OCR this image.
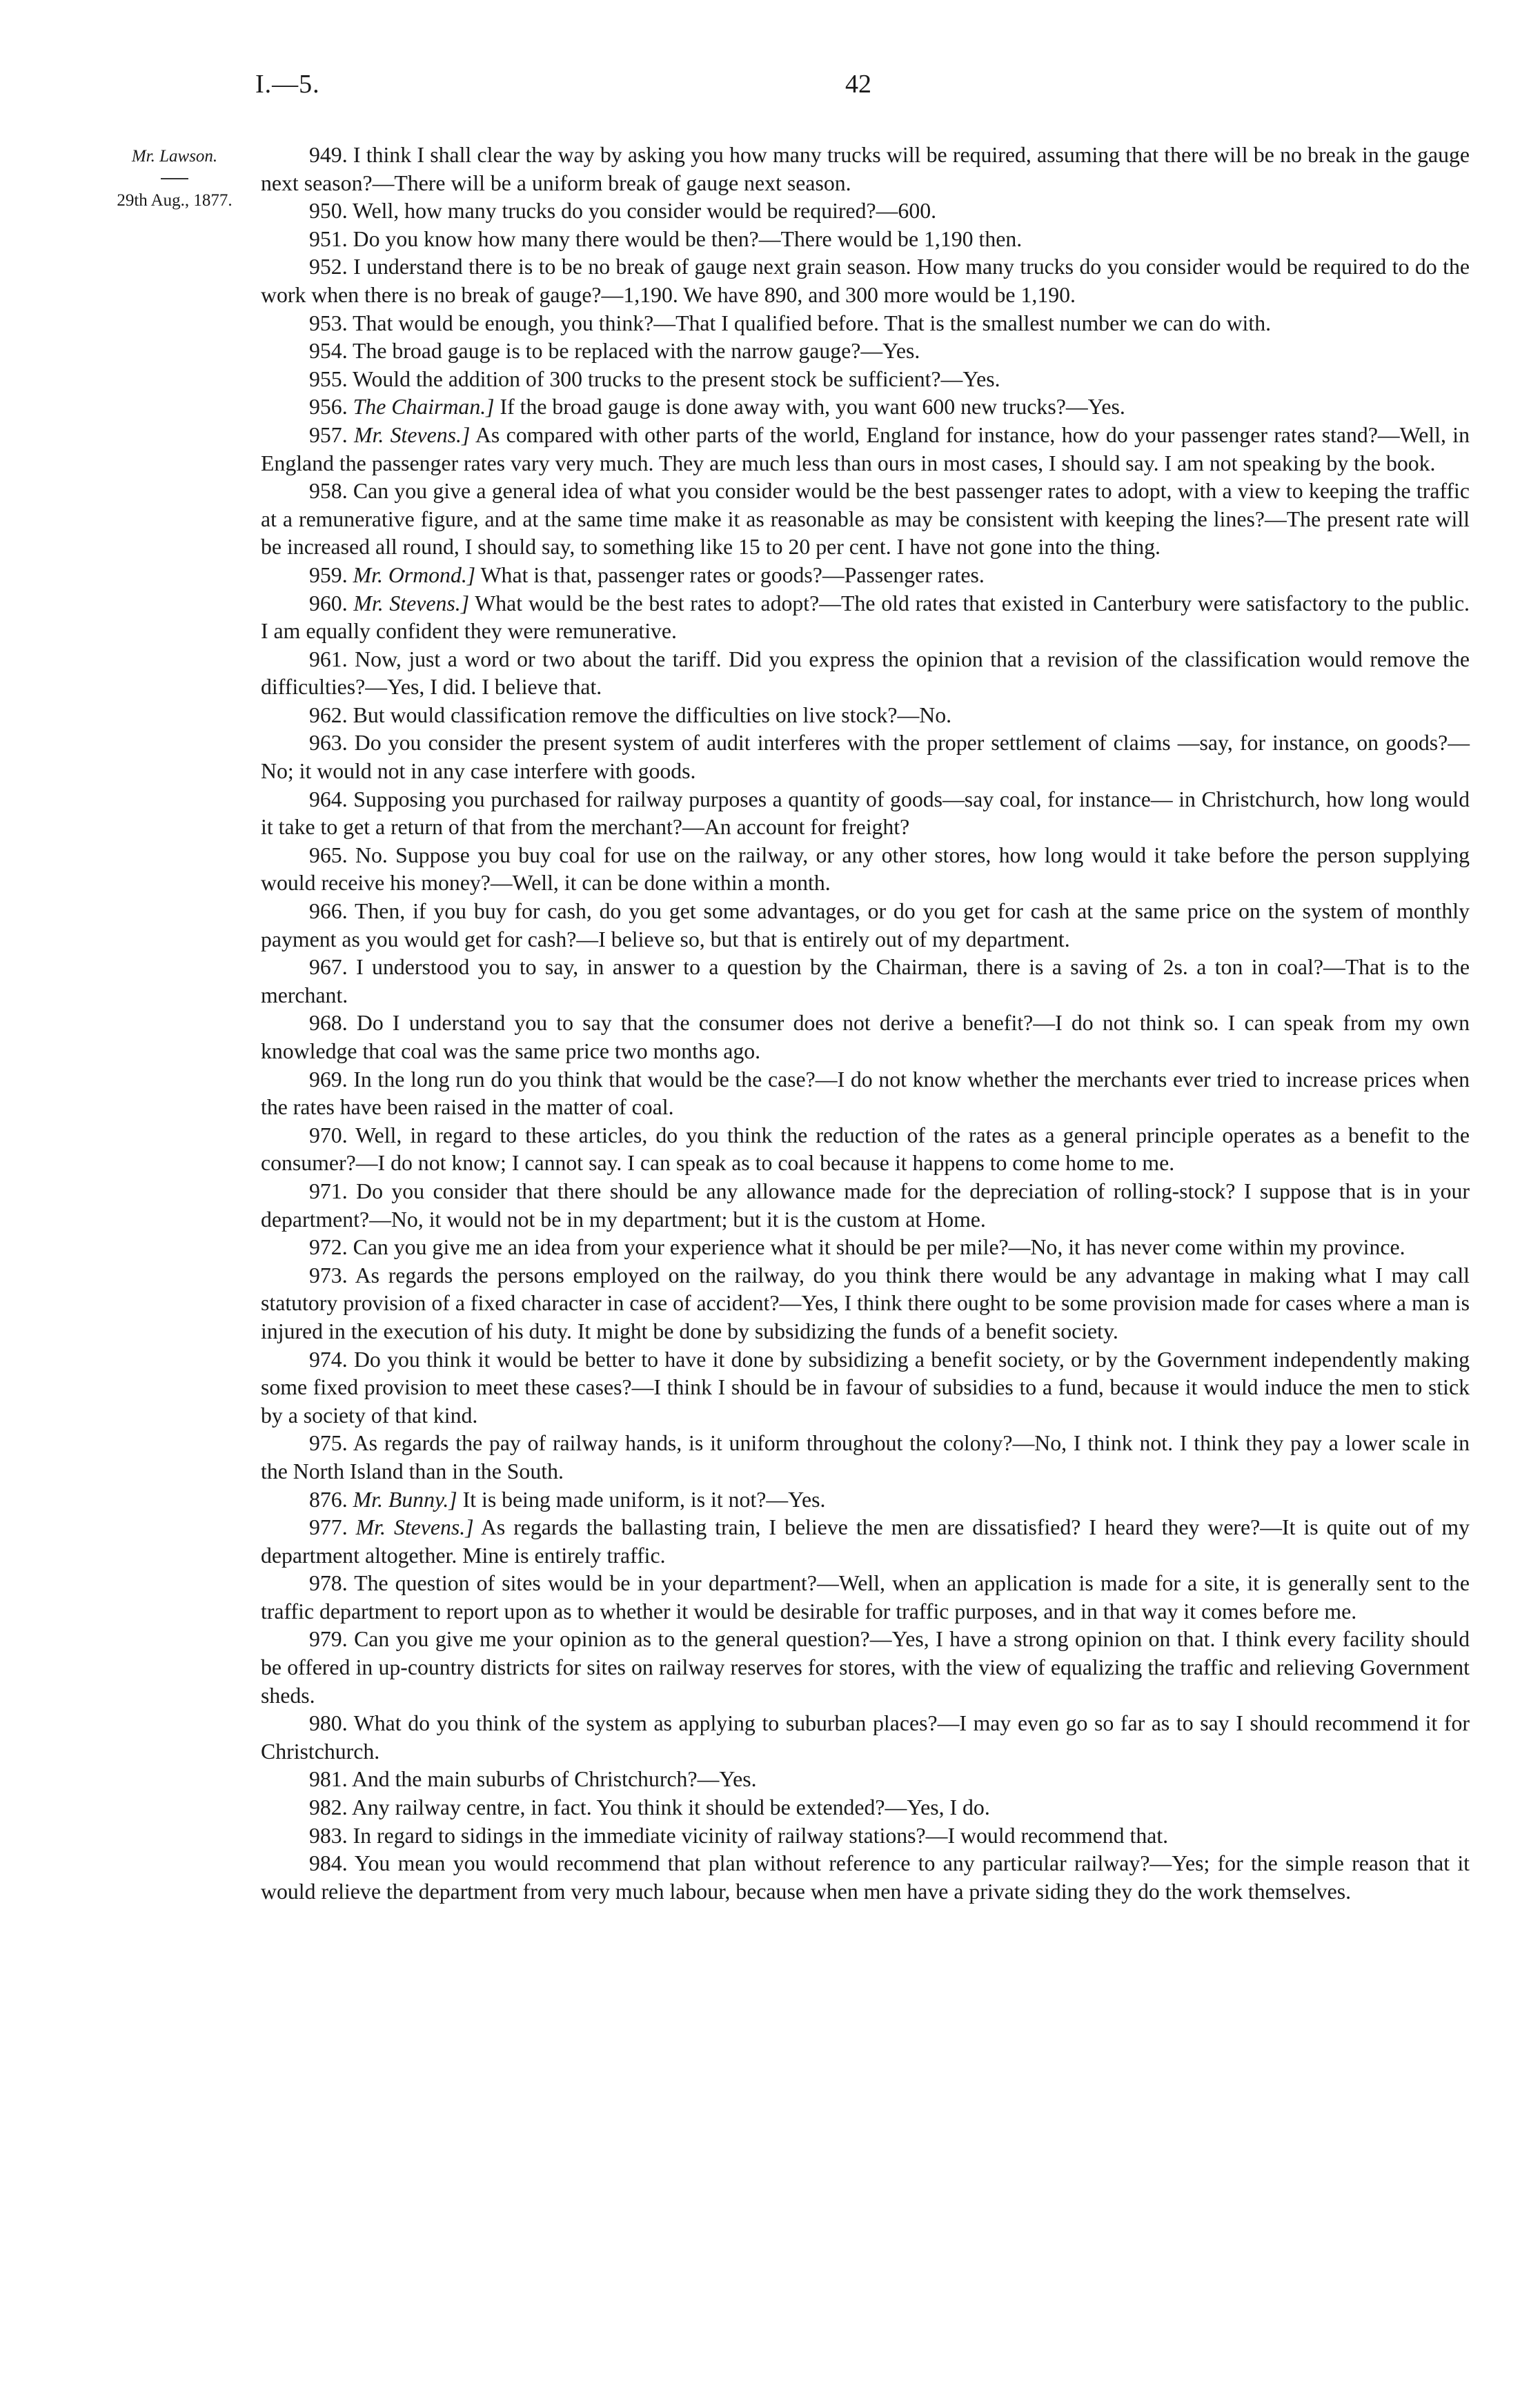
I.—5.	42
Mr. Lawson.
29th Aug., 1877.

949. I think I shall clear the way by asking you how many trucks will be required, assuming that there will be no break in the gauge next season?—There will be a uniform break of gauge next season.

950. Well, how many trucks do you consider would be required?—600.

951. Do you know how many there would be then?—There would be 1,190 then.

952. I understand there is to be no break of gauge next grain season. How many trucks do you consider would be required to do the work when there is no break of gauge?—1,190. We have 890, and 300 more would be 1,190.

953. That would be enough, you think?—That I qualified before. That is the smallest number we can do with.

954. The broad gauge is to be replaced with the narrow gauge?—Yes.

955. Would the addition of 300 trucks to the present stock be sufficient?—Yes.

956. The Chairman.] If the broad gauge is done away with, you want 600 new trucks?—Yes.

957. Mr. Stevens.] As compared with other parts of the world, England for instance, how do your passenger rates stand?—Well, in England the passenger rates vary very much. They are much less than ours in most cases, I should say. I am not speaking by the book.

958. Can you give a general idea of what you consider would be the best passenger rates to adopt, with a view to keeping the traffic at a remunerative figure, and at the same time make it as reasonable as may be consistent with keeping the lines?—The present rate will be increased all round, I should say, to something like 15 to 20 per cent. I have not gone into the thing.

959. Mr. Ormond.] What is that, passenger rates or goods?—Passenger rates.

960. Mr. Stevens.] What would be the best rates to adopt?—The old rates that existed in Canterbury were satisfactory to the public. I am equally confident they were remunerative.

961. Now, just a word or two about the tariff. Did you express the opinion that a revision of the classification would remove the difficulties?—Yes, I did. I believe that.

962. But would classification remove the difficulties on live stock?—No.

963. Do you consider the present system of audit interferes with the proper settlement of claims —say, for instance, on goods?—No; it would not in any case interfere with goods.

964. Supposing you purchased for railway purposes a quantity of goods—say coal, for instance— in Christchurch, how long would it take to get a return of that from the merchant?—An account for freight?

965. No. Suppose you buy coal for use on the railway, or any other stores, how long would it take before the person supplying would receive his money?—Well, it can be done within a month.

966. Then, if you buy for cash, do you get some advantages, or do you get for cash at the same price on the system of monthly payment as you would get for cash?—I believe so, but that is entirely out of my department.

967. I understood you to say, in answer to a question by the Chairman, there is a saving of 2s. a ton in coal?—That is to the merchant.

968. Do I understand you to say that the consumer does not derive a benefit?—I do not think so. I can speak from my own knowledge that coal was the same price two months ago.

969. In the long run do you think that would be the case?—I do not know whether the merchants ever tried to increase prices when the rates have been raised in the matter of coal.

970. Well, in regard to these articles, do you think the reduction of the rates as a general principle operates as a benefit to the consumer?—I do not know; I cannot say. I can speak as to coal because it happens to come home to me.

971. Do you consider that there should be any allowance made for the depreciation of rolling-stock? I suppose that is in your department?—No, it would not be in my department; but it is the custom at Home.

972. Can you give me an idea from your experience what it should be per mile?—No, it has never come within my province.

973. As regards the persons employed on the railway, do you think there would be any advantage in making what I may call statutory provision of a fixed character in case of accident?—Yes, I think there ought to be some provision made for cases where a man is injured in the execution of his duty. It might be done by subsidizing the funds of a benefit society.

974. Do you think it would be better to have it done by subsidizing a benefit society, or by the Government independently making some fixed provision to meet these cases?—I think I should be in favour of subsidies to a fund, because it would induce the men to stick by a society of that kind.

975. As regards the pay of railway hands, is it uniform throughout the colony?—No, I think not. I think they pay a lower scale in the North Island than in the South.

876. Mr. Bunny.] It is being made uniform, is it not?—Yes.

977. Mr. Stevens.] As regards the ballasting train, I believe the men are dissatisfied? I heard they were?—It is quite out of my department altogether. Mine is entirely traffic.

978. The question of sites would be in your department?—Well, when an application is made for a site, it is generally sent to the traffic department to report upon as to whether it would be desirable for traffic purposes, and in that way it comes before me.

979. Can you give me your opinion as to the general question?—Yes, I have a strong opinion on that. I think every facility should be offered in up-country districts for sites on railway reserves for stores, with the view of equalizing the traffic and relieving Government sheds.

980. What do you think of the system as applying to suburban places?—I may even go so far as to say I should recommend it for Christchurch.

981. And the main suburbs of Christchurch?—Yes.

982. Any railway centre, in fact. You think it should be extended?—Yes, I do.

983. In regard to sidings in the immediate vicinity of railway stations?—I would recommend that.

984. You mean you would recommend that plan without reference to any particular railway?—Yes; for the simple reason that it would relieve the department from very much labour, because when men have a private siding they do the work themselves.
